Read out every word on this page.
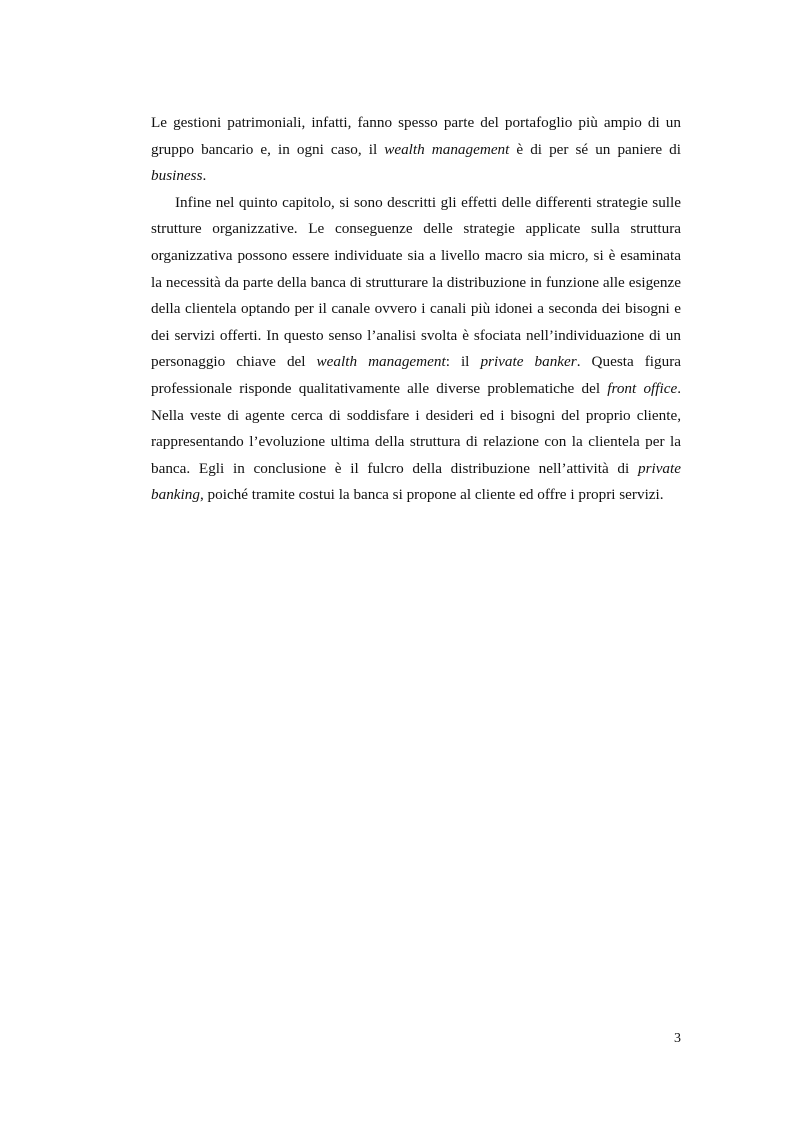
Le gestioni patrimoniali, infatti, fanno spesso parte del portafoglio più ampio di un gruppo bancario e, in ogni caso, il wealth management è di per sé un paniere di business.

Infine nel quinto capitolo, si sono descritti gli effetti delle differenti strategie sulle strutture organizzative. Le conseguenze delle strategie applicate sulla struttura organizzativa possono essere individuate sia a livello macro sia micro, si è esaminata la necessità da parte della banca di strutturare la distribuzione in funzione alle esigenze della clientela optando per il canale ovvero i canali più idonei a seconda dei bisogni e dei servizi offerti. In questo senso l’analisi svolta è sfociata nell’individuazione di un personaggio chiave del wealth management: il private banker. Questa figura professionale risponde qualitativamente alle diverse problematiche del front office. Nella veste di agente cerca di soddisfare i desideri ed i bisogni del proprio cliente, rappresentando l’evoluzione ultima della struttura di relazione con la clientela per la banca. Egli in conclusione è il fulcro della distribuzione nell’attività di private banking, poiché tramite costui la banca si propone al cliente ed offre i propri servizi.

3
